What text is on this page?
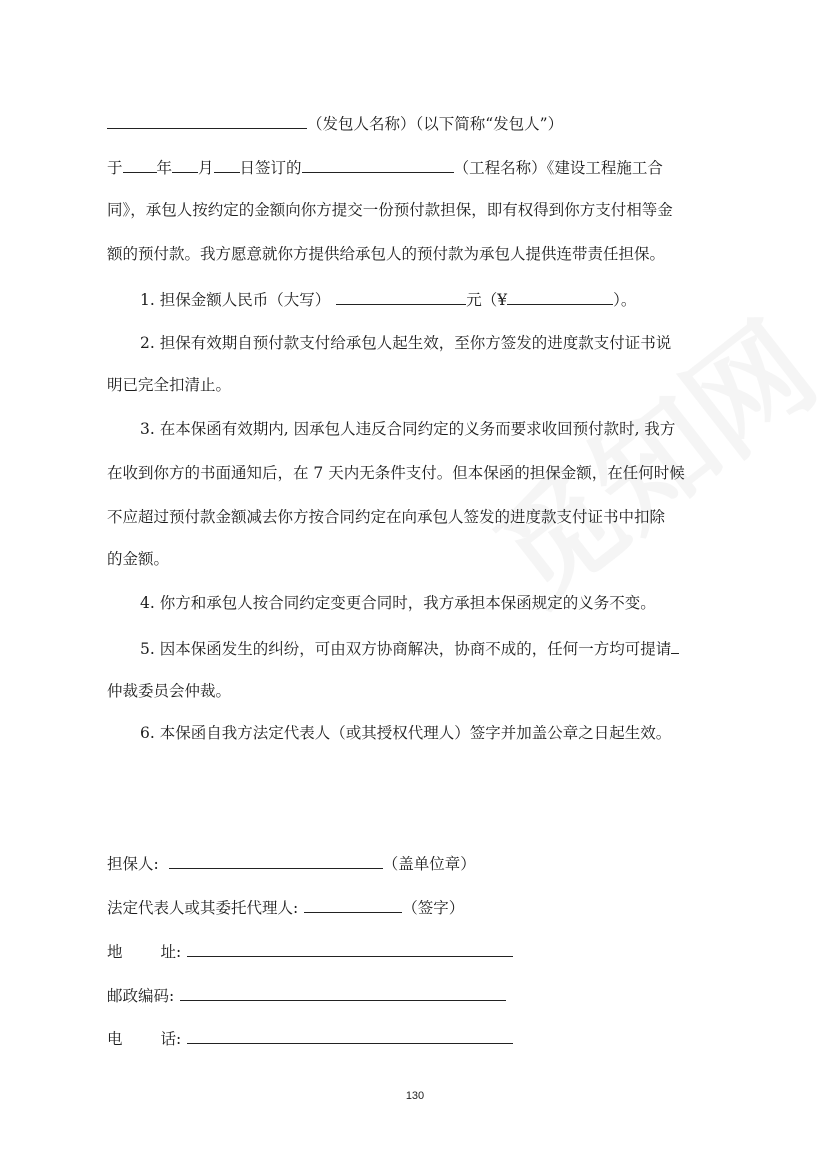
（发包人名称）（以下简称“发包人”）
于 年 月 日签订的	（工程名称）《建设工程施工合
同》，承包人按约定的金额向你方提交一份预付款担保，即有权得到你方支付相等金
额的预付款。我方愿意就你方提供给承包人的预付款为承包人提供连带责任担保。
1. 担保金额人民币（大写）	元（¥	）。
2. 担保有效期自预付款支付给承包人起生效，至你方签发的进度款支付证书说
明已完全扣清止。
3. 在本保函有效期内, 因承包人违反合同约定的义务而要求收回预付款时, 我方
在收到你方的书面通知后，在 7 天内无条件支付。但本保函的担保金额，在任何时候
不应超过预付款金额减去你方按合同约定在向承包人签发的进度款支付证书中扣除
的金额。
4. 你方和承包人按合同约定变更合同时，我方承担本保函规定的义务不变。
5. 因本保函发生的纠纷，可由双方协商解决，协商不成的，任何一方均可提请
仲裁委员会仲裁。
6. 本保函自我方法定代表人（或其授权代理人）签字并加盖公章之日起生效。
担保人:	（盖单位章）
法定代表人或其委托代理人:	（签字）
地 址:
邮政编码:
电 话:
130
